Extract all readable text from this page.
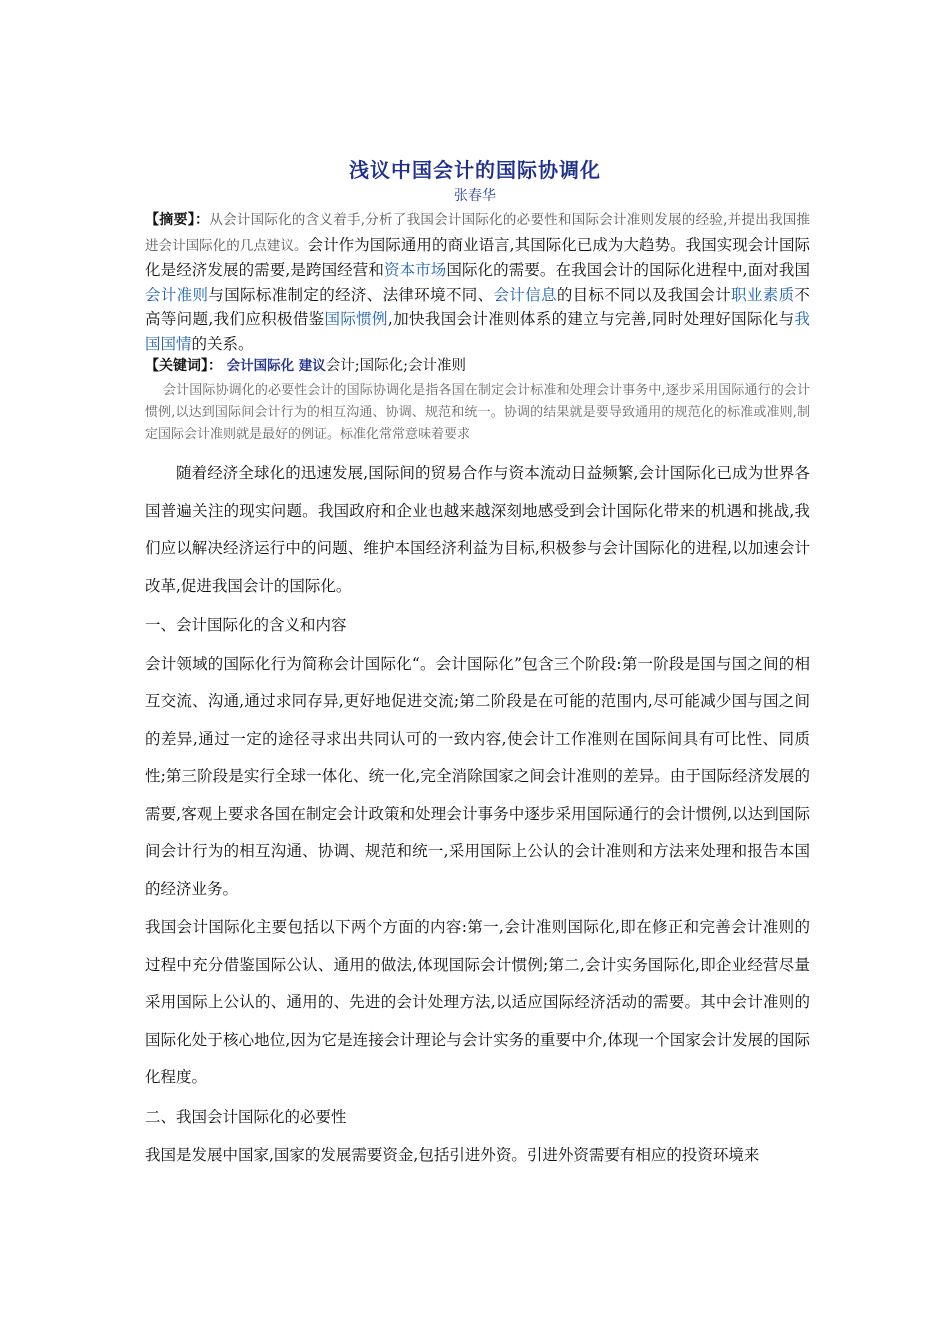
浅议中国会计的国际协调化
张春华
【摘要】：从会计国际化的含义着手,分析了我国会计国际化的必要性和国际会计准则发展的经验,并提出我国推进会计国际化的几点建议。会计作为国际通用的商业语言,其国际化已成为大趋势。我国实现会计国际化是经济发展的需要,是跨国经营和资本市场国际化的需要。在我国会计的国际化进程中,面对我国会计准则与国际标准制定的经济、法律环境不同、会计信息的目标不同以及我国会计职业素质不高等问题,我们应积极借鉴国际惯例,加快我国会计准则体系的建立与完善,同时处理好国际化与我国国情的关系。
【关键词】： 会计国际化 建议会计;国际化;会计准则

会计国际协调化的必要性会计的国际协调化是指各国在制定会计标准和处理会计事务中,逐步采用国际通行的会计惯例,以达到国际间会计行为的相互沟通、协调、规范和统一。协调的结果就是要导致通用的规范化的标准或准则,制定国际会计准则就是最好的例证。标准化常常意味着要求

随着经济全球化的迅速发展,国际间的贸易合作与资本流动日益频繁,会计国际化已成为世界各国普遍关注的现实问题。我国政府和企业也越来越深刻地感受到会计国际化带来的机遇和挑战,我们应以解决经济运行中的问题、维护本国经济利益为目标,积极参与会计国际化的进程,以加速会计改革,促进我国会计的国际化。

一、会计国际化的含义和内容

会计领域的国际化行为简称会计国际化“。会计国际化”包含三个阶段:第一阶段是国与国之间的相互交流、沟通,通过求同存异,更好地促进交流;第二阶段是在可能的范围内,尽可能减少国与国之间的差异,通过一定的途径寻求出共同认可的一致内容,使会计工作准则在国际间具有可比性、同质性;第三阶段是实行全球一体化、统一化,完全消除国家之间会计准则的差异。由于国际经济发展的需要,客观上要求各国在制定会计政策和处理会计事务中逐步采用国际通行的会计惯例,以达到国际间会计行为的相互沟通、协调、规范和统一,采用国际上公认的会计准则和方法来处理和报告本国的经济业务。

我国会计国际化主要包括以下两个方面的内容:第一,会计准则国际化,即在修正和完善会计准则的过程中充分借鉴国际公认、通用的做法,体现国际会计惯例;第二,会计实务国际化,即企业经营尽量采用国际上公认的、通用的、先进的会计处理方法,以适应国际经济活动的需要。其中会计准则的国际化处于核心地位,因为它是连接会计理论与会计实务的重要中介,体现一个国家会计发展的国际化程度。

二、我国会计国际化的必要性

我国是发展中国家,国家的发展需要资金,包括引进外资。引进外资需要有相应的投资环境来
